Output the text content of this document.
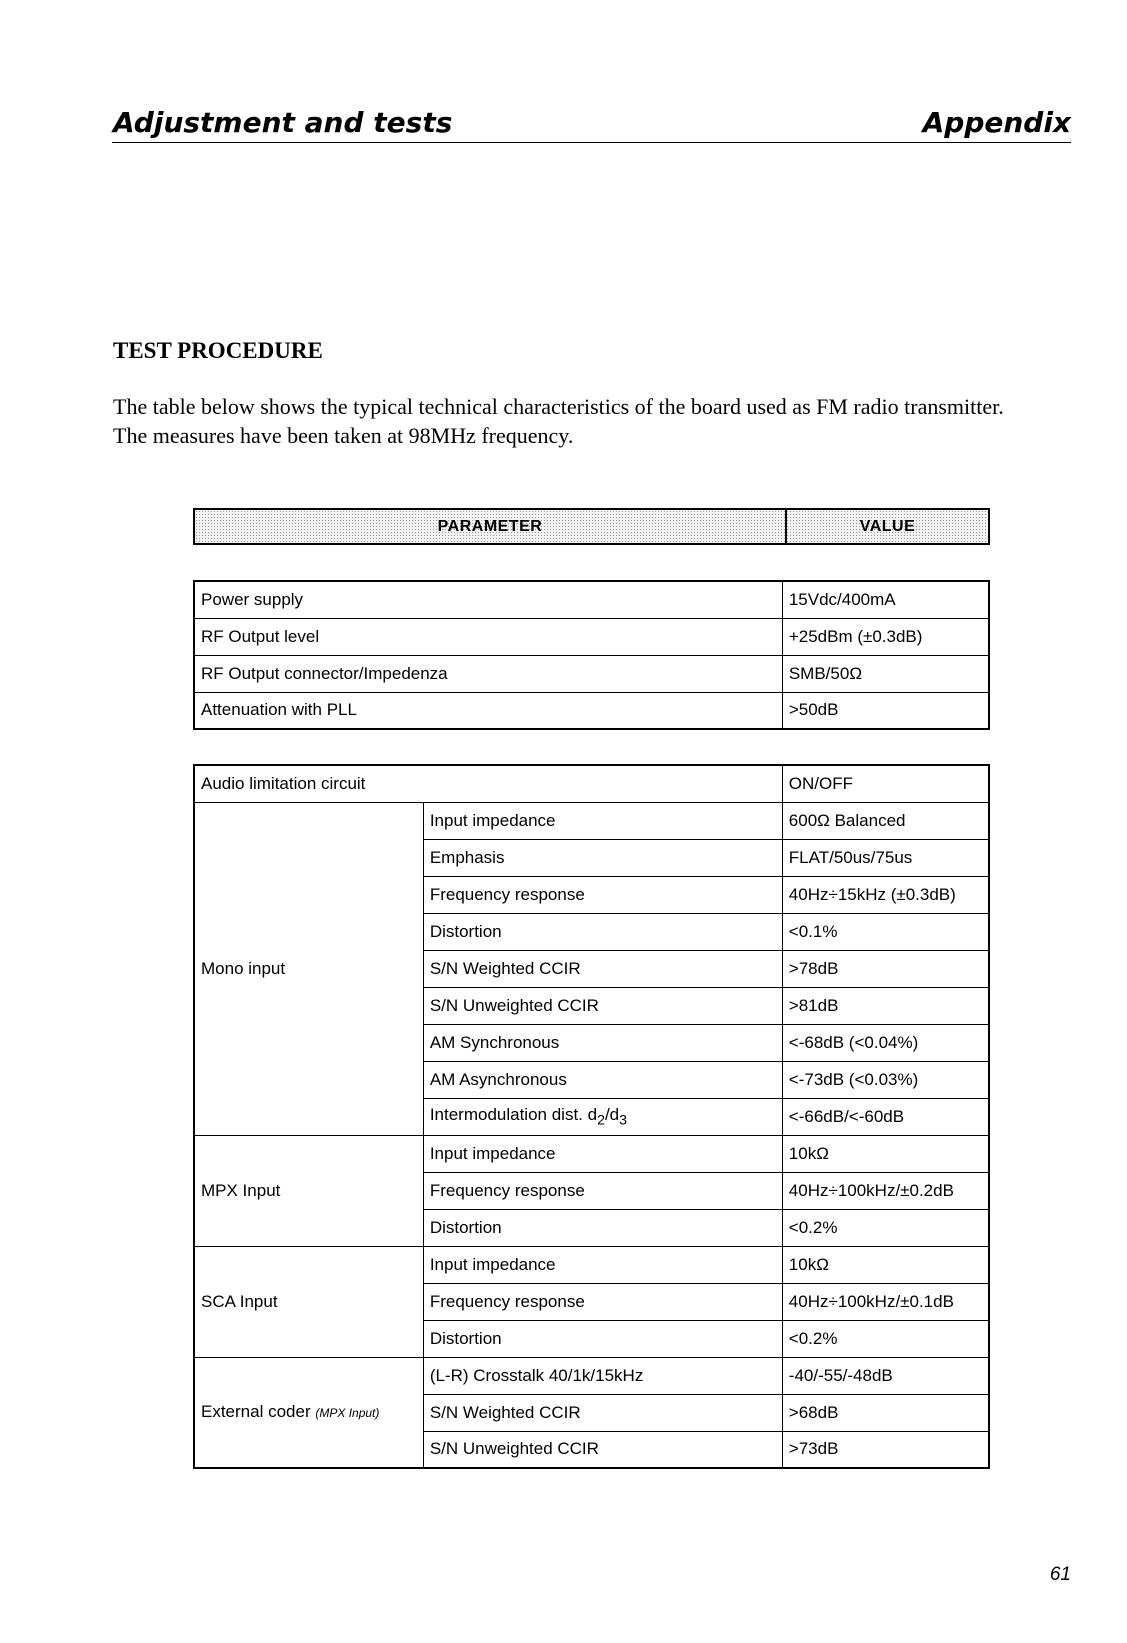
Adjustment and tests	Appendix
TEST PROCEDURE

The table below shows the typical technical characteristics of the board used as FM radio transmitter.

The measures have been taken at 98MHz frequency.

PARAMETER	VALUE
Power supply	15Vdc/400mA
RF Output level	+25dBm (±0.3dB)
RF Output connector/Impedenza	SMB/50Ω
Attenuation with PLL	>50dB
Audio limitation circuit		ON/OFF
Mono input	Input impedance	600Ω Balanced
	Emphasis	FLAT/50us/75us
	Frequency response	40Hz÷15kHz (±0.3dB)
	Distortion	<0.1%
	S/N Weighted CCIR	>78dB
	S/N Unweighted CCIR	>81dB
	AM Synchronous	<-68dB (<0.04%)
	AM Asynchronous	<-73dB (<0.03%)
	Intermodulation dist. $d_2/d_3$	<-66dB/<-60dB
MPX Input	Input impedance	10kΩ
	Frequency response	40Hz÷100kHz/±0.2dB
	Distortion	<0.2%
SCA Input	Input impedance	10kΩ
	Frequency response	40Hz÷100kHz/±0.1dB
	Distortion	<0.2%
External coder (MPX Input)	(L-R) Crosstalk 40/1k/15kHz	-40/-55/-48dB
	S/N Weighted CCIR	>68dB
	S/N Unweighted CCIR	>73dB
61
